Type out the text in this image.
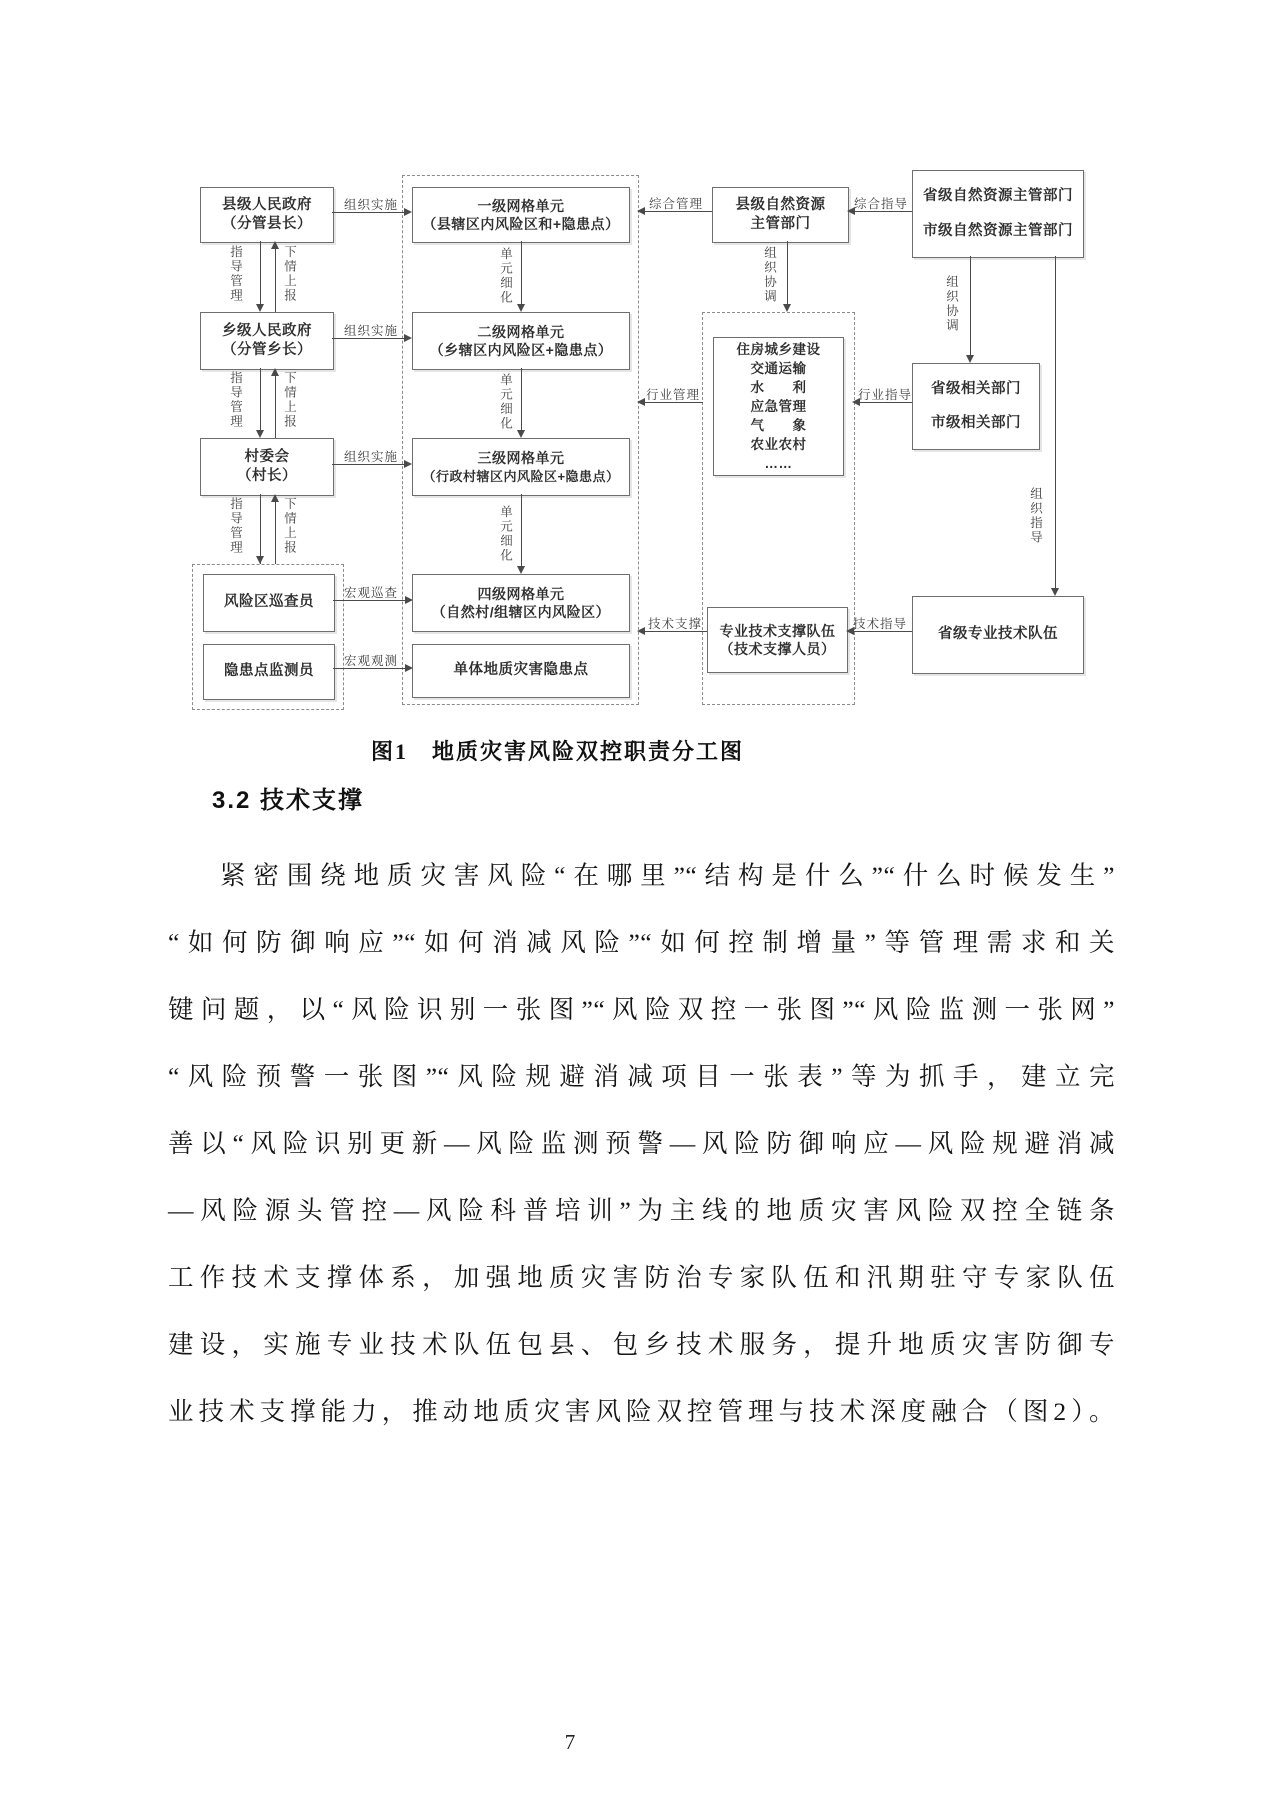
县级人民政府
（分管县长）
乡级人民政府
（分管乡长）
村委会
（村长）
风险区巡查员
隐患点监测员
一级网格单元
（县辖区内风险区和+隐患点）
二级网格单元
（乡辖区内风险区+隐患点）
三级网格单元
（行政村辖区内风险区+隐患点）
四级网格单元
（自然村/组辖区内风险区）
单体地质灾害隐患点
县级自然资源
主管部门
住房城乡建设
交通运输
水　　利
应急管理
气　　象
农业农村
……
专业技术支撑队伍
（技术支撑人员）
省级自然资源主管部门
市级自然资源主管部门
省级相关部门
市级相关部门
省级专业技术队伍
组织实施
组织实施
组织实施
宏观巡查
宏观观测
综合管理	综合指导
行业管理	行业指导
技术支撑	技术指导
指导管理	下情上报
指导管理	下情上报
指导管理	下情上报
单元细化
单元细化
单元细化
组织协调	组织协调
组织指导
图1　地质灾害风险双控职责分工图
3.2 技术支撑
紧密围绕地质灾害风险“在哪里”“结构是什么”“什么时候发生”
“如何防御响应”“如何消减风险”“如何控制增量”等管理需求和关
键问题，以“风险识别一张图”“风险双控一张图”“风险监测一张网”
“风险预警一张图”“风险规避消减项目一张表”等为抓手，建立完
善以“风险识别更新—风险监测预警—风险防御响应—风险规避消减
—风险源头管控—风险科普培训”为主线的地质灾害风险双控全链条
工作技术支撑体系，加强地质灾害防治专家队伍和汛期驻守专家队伍
建设，实施专业技术队伍包县、包乡技术服务，提升地质灾害防御专
业技术支撑能力，推动地质灾害风险双控管理与技术深度融合（图2）。
7
